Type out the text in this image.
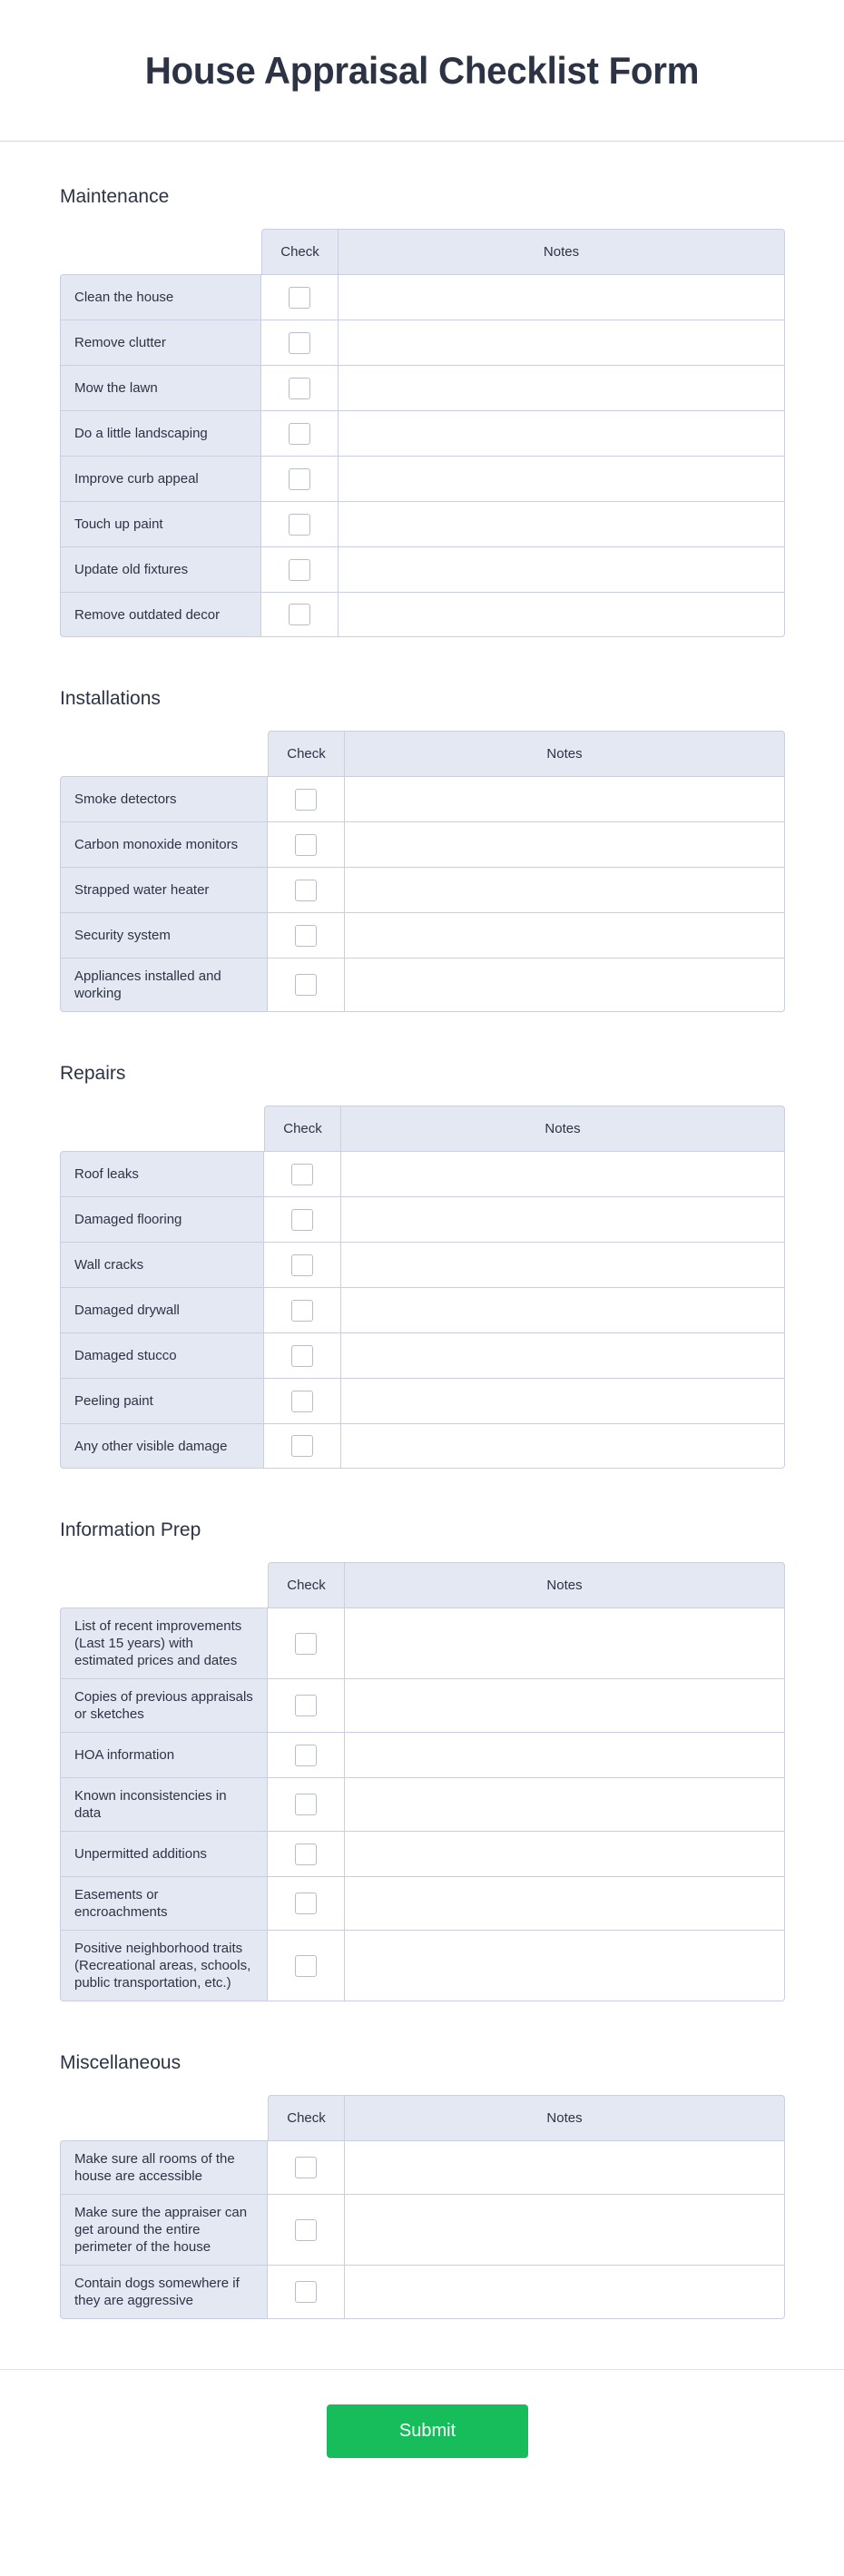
House Appraisal Checklist Form
Maintenance
	Check	Notes
Clean the house		
Remove clutter		
Mow the lawn		
Do a little landscaping		
Improve curb appeal		
Touch up paint		
Update old fixtures		
Remove outdated decor		
Installations
	Check	Notes
Smoke detectors		
Carbon monoxide monitors		
Strapped water heater		
Security system		
Appliances installed and working		
Repairs
	Check	Notes
Roof leaks		
Damaged flooring		
Wall cracks		
Damaged drywall		
Damaged stucco		
Peeling paint		
Any other visible damage		
Information Prep
	Check	Notes
List of recent improvements (Last 15 years) with estimated prices and dates		
Copies of previous appraisals or sketches		
HOA information		
Known inconsistencies in data		
Unpermitted additions		
Easements or encroachments		
Positive neighborhood traits (Recreational areas, schools, public transportation, etc.)		
Miscellaneous
	Check	Notes
Make sure all rooms of the house are accessible		
Make sure the appraiser can get around the entire perimeter of the house		
Contain dogs somewhere if they are aggressive		
Submit
